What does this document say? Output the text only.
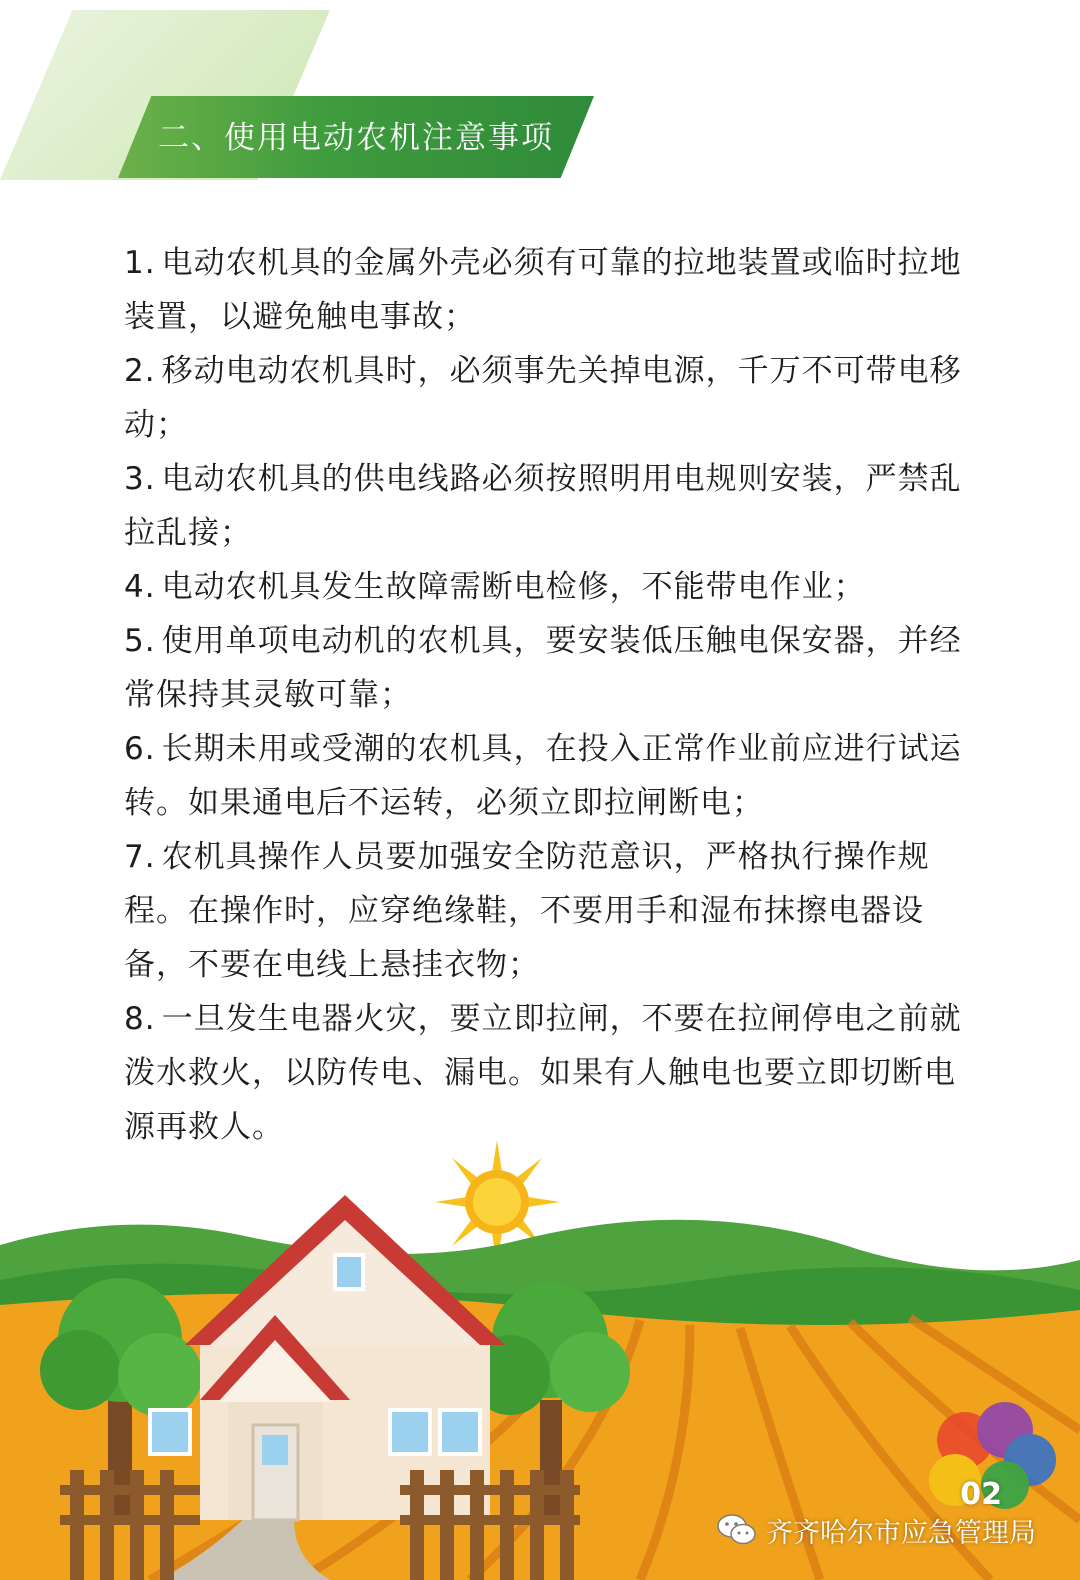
二、使用电动农机注意事项

1. 电动农机具的金属外壳必须有可靠的拉地装置或临时拉地装置，以避免触电事故；

2. 移动电动农机具时，必须事先关掉电源，千万不可带电移动；

3. 电动农机具的供电线路必须按照明用电规则安装，严禁乱拉乱接；

4. 电动农机具发生故障需断电检修，不能带电作业；

5. 使用单项电动机的农机具，要安装低压触电保安器，并经常保持其灵敏可靠；

6. 长期未用或受潮的农机具，在投入正常作业前应进行试运转。如果通电后不运转，必须立即拉闸断电；

7. 农机具操作人员要加强安全防范意识，严格执行操作规程。在操作时，应穿绝缘鞋，不要用手和湿布抹擦电器设备，不要在电线上悬挂衣物；

8. 一旦发生电器火灾，要立即拉闸，不要在拉闸停电之前就泼水救火，以防传电、漏电。如果有人触电也要立即切断电源再救人。

02
齐齐哈尔市应急管理局
